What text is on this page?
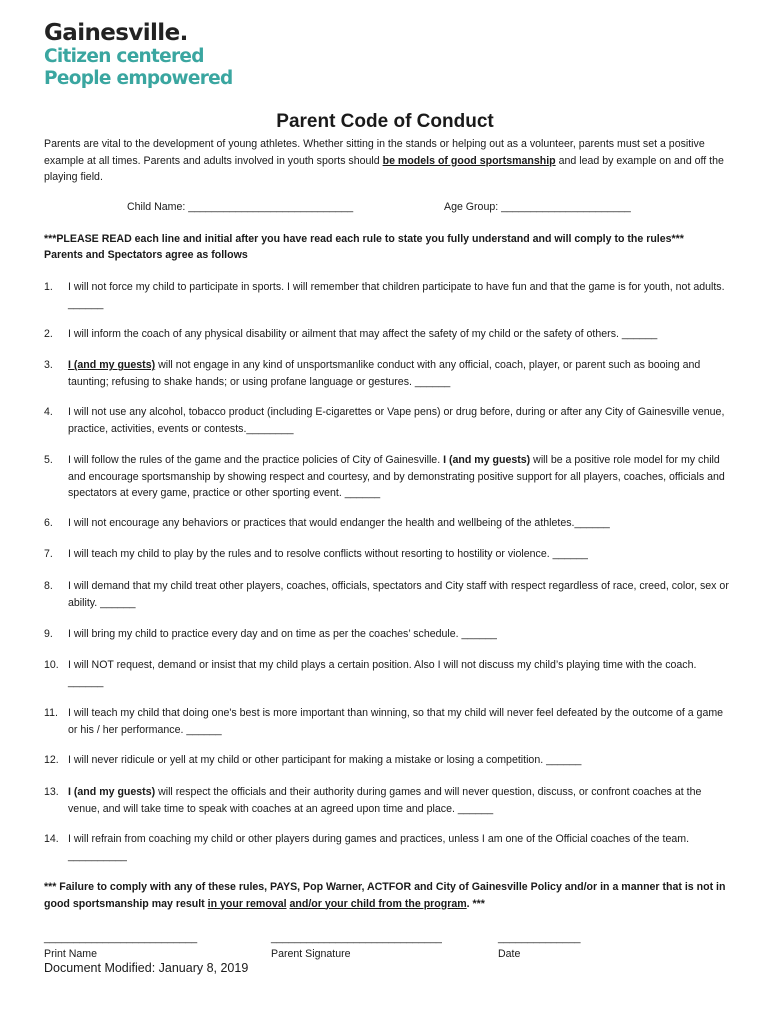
Gainesville.
Citizen centered
People empowered
Parent Code of Conduct
Parents are vital to the development of young athletes. Whether sitting in the stands or helping out as a volunteer, parents must set a positive example at all times. Parents and adults involved in youth sports should be models of good sportsmanship and lead by example on and off the playing field.
Child Name: ____________________________	Age Group: ______________________
***PLEASE READ each line and initial after you have read each rule to state you fully understand and will comply to the rules***
Parents and Spectators agree as follows
1. I will not force my child to participate in sports. I will remember that children participate to have fun and that the game is for youth, not adults. ______
2. I will inform the coach of any physical disability or ailment that may affect the safety of my child or the safety of others. ______
3. I (and my guests) will not engage in any kind of unsportsmanlike conduct with any official, coach, player, or parent such as booing and taunting; refusing to shake hands; or using profane language or gestures. ______
4. I will not use any alcohol, tobacco product (including E-cigarettes or Vape pens) or drug before, during or after any City of Gainesville venue, practice, activities, events or contests.________
5. I will follow the rules of the game and the practice policies of City of Gainesville. I (and my guests) will be a positive role model for my child and encourage sportsmanship by showing respect and courtesy, and by demonstrating positive support for all players, coaches, officials and spectators at every game, practice or other sporting event. ______
6. I will not encourage any behaviors or practices that would endanger the health and wellbeing of the athletes.______
7. I will teach my child to play by the rules and to resolve conflicts without resorting to hostility or violence. ______
8. I will demand that my child treat other players, coaches, officials, spectators and City staff with respect regardless of race, creed, color, sex or ability. ______
9. I will bring my child to practice every day and on time as per the coaches’ schedule. ______
10. I will NOT request, demand or insist that my child plays a certain position. Also I will not discuss my child’s playing time with the coach. ______
11. I will teach my child that doing one's best is more important than winning, so that my child will never feel defeated by the outcome of a game or his / her performance. ______
12. I will never ridicule or yell at my child or other participant for making a mistake or losing a competition. ______
13. I (and my guests) will respect the officials and their authority during games and will never question, discuss, or confront coaches at the venue, and will take time to speak with coaches at an agreed upon time and place. ______
14. I will refrain from coaching my child or other players during games and practices, unless I am one of the Official coaches of the team. __________
*** Failure to comply with any of these rules, PAYS, Pop Warner, ACTFOR and City of Gainesville Policy and/or in a manner that is not in good sportsmanship may result in your removal and/or your child from the program. ***
__________________________
Print Name
_____________________________
Parent Signature
______________
Date
Document Modified: January 8, 2019
